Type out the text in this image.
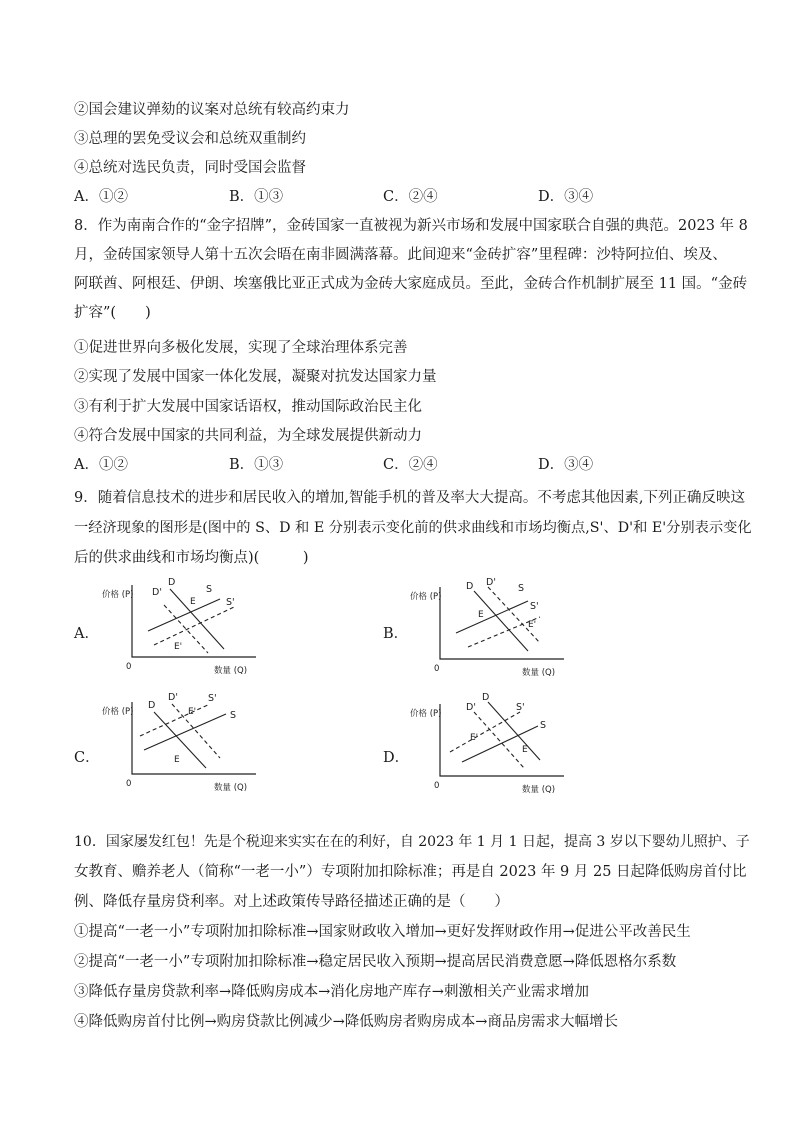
②国会建议弹劾的议案对总统有较高约束力
③总理的罢免受议会和总统双重制约
④总统对选民负责，同时受国会监督
A．①②	B．①③	C．②④	D．③④
8．作为南南合作的“金字招牌”，金砖国家一直被视为新兴市场和发展中国家联合自强的典范。2023 年 8
月，金砖国家领导人第十五次会晤在南非圆满落幕。此间迎来“金砖扩容”里程碑：沙特阿拉伯、埃及、
阿联酋、阿根廷、伊朗、埃塞俄比亚正式成为金砖大家庭成员。至此，金砖合作机制扩展至 11 国。“金砖
扩容”(　　)
①促进世界向多极化发展，实现了全球治理体系完善
②实现了发展中国家一体化发展，凝聚对抗发达国家力量
③有利于扩大发展中国家话语权，推动国际政治民主化
④符合发展中国家的共同利益，为全球发展提供新动力
A．①②	B．①③	C．②④	D．③④
9．随着信息技术的进步和居民收入的增加,智能手机的普及率大大提高。不考虑其他因素,下列正确反映这
一经济现象的图形是(图中的 S、D 和 E 分别表示变化前的供求曲线和市场均衡点,S'、D'和 E'分别表示变化
后的供求曲线和市场均衡点)(　　　)
A．
价格 (P)
数量 (Q)
0
D
D'	S
S'
E
E'
B．
价格 (P)
数量 (Q)
0
D D'
S
S'
E
E'
C．
价格 (P)
数量 (Q)
0
D
D'
S
S'
E
E'
D．
价格 (P)
数量 (Q)
0
D
D'
S
S'
E
E'
10．国家屡发红包！先是个税迎来实实在在的利好，自 2023 年 1 月 1 日起，提高 3 岁以下婴幼儿照护、子
女教育、赡养老人（简称“一老一小”）专项附加扣除标准；再是自 2023 年 9 月 25 日起降低购房首付比
例、降低存量房贷利率。对上述政策传导路径描述正确的是（　　）
①提高“一老一小”专项附加扣除标准→国家财政收入增加→更好发挥财政作用→促进公平改善民生
②提高“一老一小”专项附加扣除标准→稳定居民收入预期→提高居民消费意愿→降低恩格尔系数
③降低存量房贷款利率→降低购房成本→消化房地产库存→刺激相关产业需求增加
④降低购房首付比例→购房贷款比例减少→降低购房者购房成本→商品房需求大幅增长
